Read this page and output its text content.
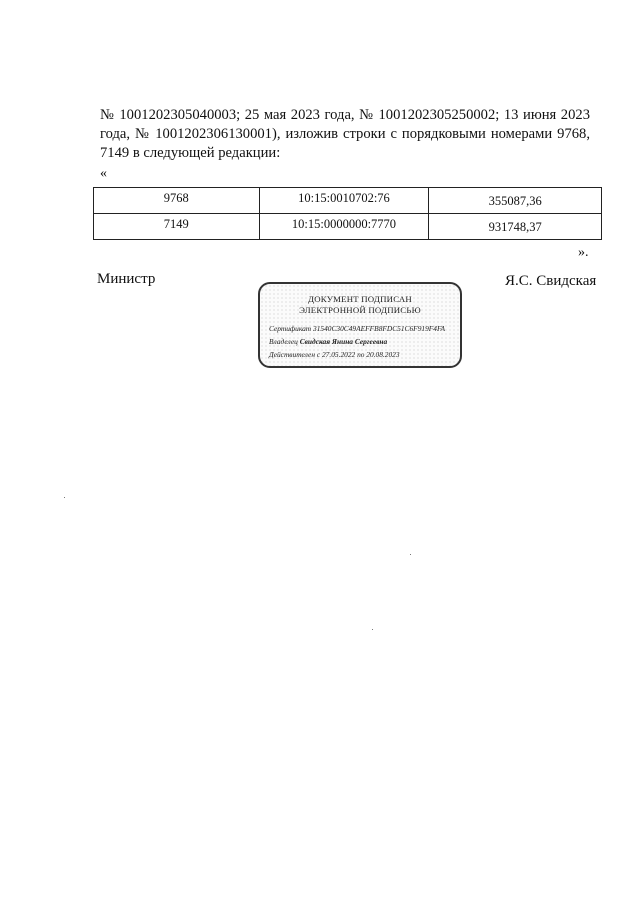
№ 1001202305040003; 25 мая 2023 года, № 1001202305250002; 13 июня 2023
года, № 1001202306130001), изложив строки с порядковыми номерами 9768,
7149 в следующей редакции:
«
9768	10:15:0010702:76	355087,36

7149	10:15:0000000:7770	931748,37
».
Министр	Я.С. Свидская
ДОКУМЕНТ ПОДПИСАН
ЭЛЕКТРОННОЙ ПОДПИСЬЮ
Сертификат 31540C30C49AEFFB8FDC51C6F919F4FA
Владелец Свидская Янина Сергеевна
Действителен с 27.05.2022 по 20.08.2023
